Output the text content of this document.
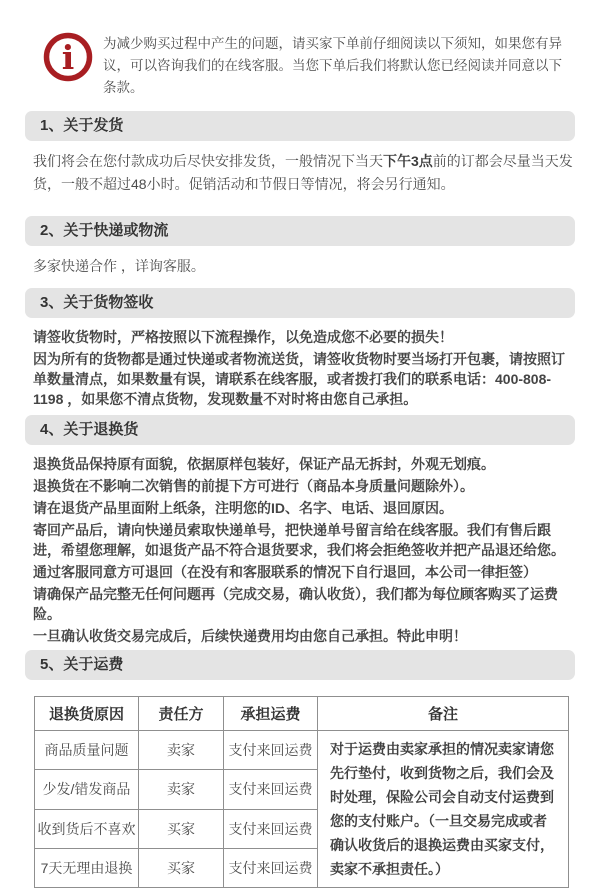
i 为减少购买过程中产生的问题，请买家下单前仔细阅读以下须知，如果您有异议，可以咨询我们的在线客服。当您下单后我们将默认您已经阅读并同意以下条款。

1、关于发货

我们将会在您付款成功后尽快安排发货，一般情况下当天下午3点前的订都会尽量当天发货，一般不超过48小时。促销活动和节假日等情况，将会另行通知。

2、关于快递或物流

多家快递合作 ，详询客服。

3、关于货物签收

请签收货物时，严格按照以下流程操作，以免造成您不必要的损失！

因为所有的货物都是通过快递或者物流送货，请签收货物时要当场打开包裹，请按照订单数量清点，如果数量有误，请联系在线客服，或者拨打我们的联系电话：400-808-1198 ，如果您不清点货物，发现数量不对时将由您自己承担。

4、关于退换货

退换货品保持原有面貌，依据原样包装好，保证产品无拆封，外观无划痕。

退换货在不影响二次销售的前提下方可进行（商品本身质量问题除外）。

请在退货产品里面附上纸条，注明您的ID、名字、电话、退回原因。

寄回产品后，请向快递员索取快递单号，把快递单号留言给在线客服。我们有售后跟进，希望您理解，如退货产品不符合退货要求，我们将会拒绝签收并把产品退还给您。

通过客服同意方可退回（在没有和客服联系的情况下自行退回，本公司一律拒签）

请确保产品完整无任何问题再（完成交易，确认收货），我们都为每位顾客购买了运费险。

一旦确认收货交易完成后，后续快递费用均由您自己承担。特此申明！

5、关于运费
退换货原因	责任方	承担运费	备注
商品质量问题	卖家	支付来回运费	对于运费由卖家承担的情况卖家请您先行垫付，收到货物之后，我们会及时处理，保险公司会自动支付运费到您的支付账户。（一旦交易完成或者确认收货后的退换运费由买家支付，卖家不承担责任。）
少发/错发商品	卖家	支付来回运费	
收到货后不喜欢	买家	支付来回运费	
7天无理由退换	买家	支付来回运费	
